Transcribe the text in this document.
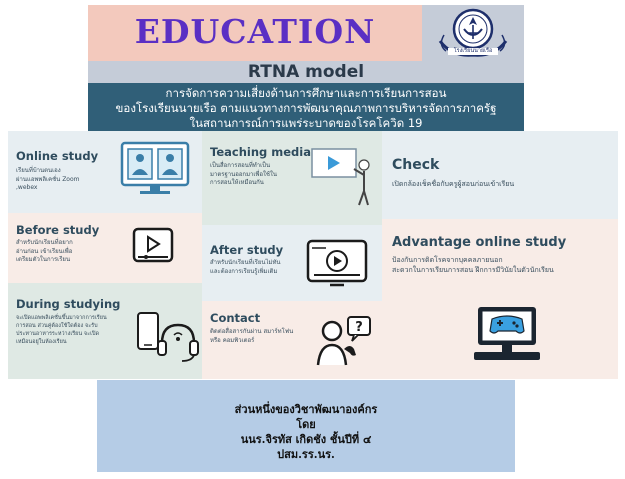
EDUCATION	โรงเรียนนายเรือ
RTNA model
การจัดการความเสี่ยงด้านการศึกษาและการเรียนการสอน
ของโรงเรียนนายเรือ ตามแนวทางการพัฒนาคุณภาพการบริหารจัดการภาครัฐ
ในสถานการณ์การแพร่ระบาดของโรคโควิด 19
Online study
เรียนที่บ้านตนเอง
ผ่านแอพพลิเคชั่น Zoom
,webex
Teaching media
เป็นสื่อการสอนที่ทำเป็น
มาตรฐานออกมาเพื่อใช้ใน
การสอนให้เหมือนกัน
Check
เปิดกล้องเช็คชื่อกับครูผู้สอนก่อนเข้าเรียน
Before study
สำหรับนักเรียนที่อยาก
อ่านก่อน เข้าเรียนเพื่อ
เตรียมตัวในการเรียน
After study
สำหรับนักเรียนที่เรียนไม่ทัน
และต้องการเรียนรู้เพิ่มเติม
Advantage online study
ป้องกันการติดโรคจากบุคคลภายนอก
สะดวกในการเรียนการสอน ฝึกการมีวินัยในตัวนักเรียน
During studying
จะเปิดแอพพลิเคชั่นขึ้นมาจากการเรียน
การสอน ส่วนคู่ต้องใช้ใดต้อง จะรับ
ประทานอาหารระหว่างเรียน จะเปิด
เหมือนอยู่ในห้องเรียน
Contact
ติดต่อสื่อสารกันผ่าน สมาร์ทโฟน
หรือ คอมพิวเตอร์
?
ส่วนหนึ่งของวิชาพัฒนาองค์กร
โดย
นนร.จิรทัส เกิดชัง ชั้นปีที่ ๔
ปสม.รร.นร.
